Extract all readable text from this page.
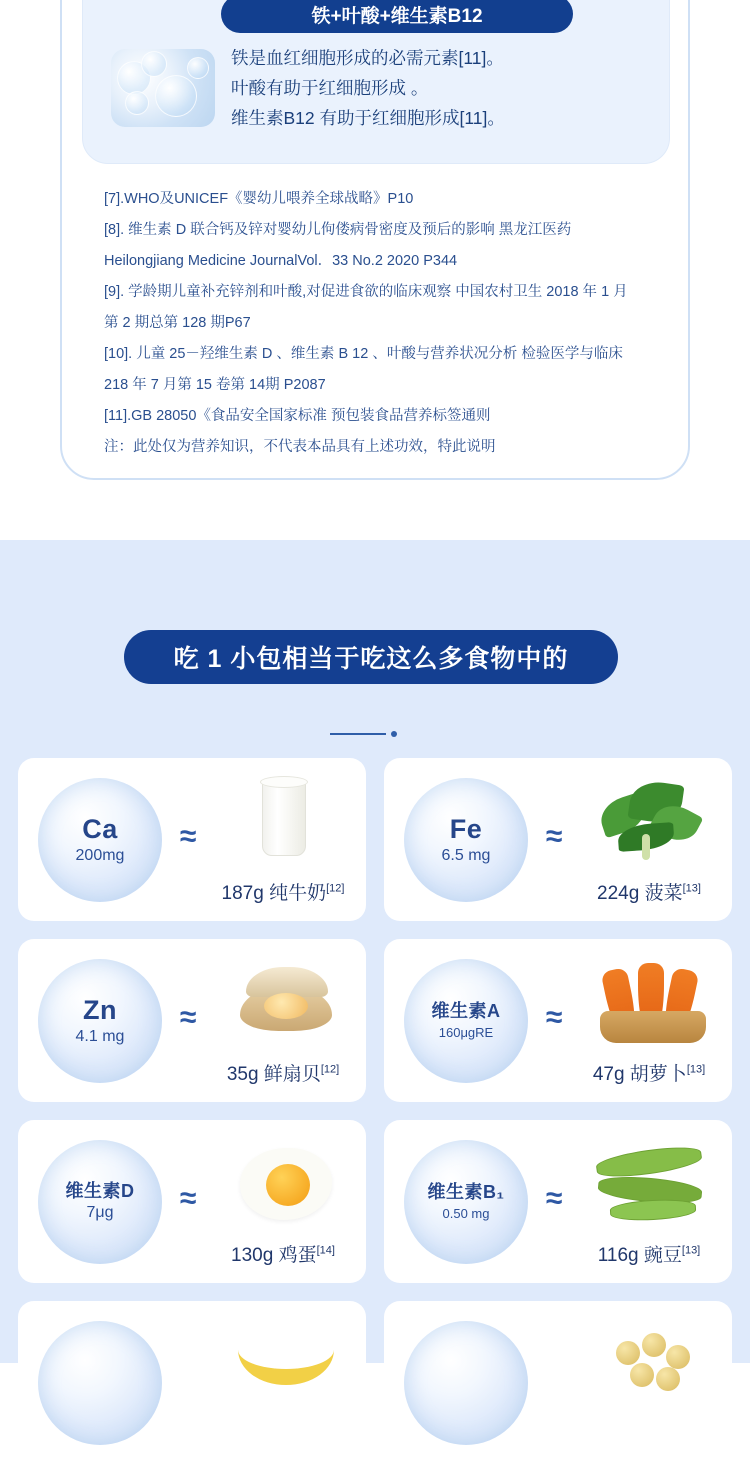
铁+叶酸+维生素B12
铁是血红细胞形成的必需元素[11]。
叶酸有助于红细胞形成 。
维生素B12 有助于红细胞形成[11]。

[7].WHO及UNICEF《婴幼儿喂养全球战略》P10

[8]. 维生素 D 联合钙及锌对婴幼儿佝偻病骨密度及预后的影响 黑龙江医药

Heilongjiang Medicine JournalVol．33 No.2 2020 P344

[9]. 学龄期儿童补充锌剂和叶酸,对促进食欲的临床观察 中国农村卫生 2018 年 1 月

第 2 期总第 128 期P67

[10]. 儿童 25－羟维生素 D 、维生素 B 12 、叶酸与营养状况分析 检验医学与临床

218 年 7 月第 15 卷第 14期 P2087

[11].GB 28050《食品安全国家标准 预包装食品营养标签通则

注：此处仅为营养知识，不代表本品具有上述功效，特此说明

吃 1 小包相当于吃这么多食物中的
Ca
200mg
≈
187g 纯牛奶[12]
Fe
6.5 mg
≈
224g 菠菜[13]
Zn
4.1 mg
≈
35g 鲜扇贝[12]
维生素A
160μgRE ≈
47g 胡萝卜[13]
维生素D
7μg ≈
130g 鸡蛋[14]
维生素B₁
0.50 mg ≈
116g 豌豆[13]
